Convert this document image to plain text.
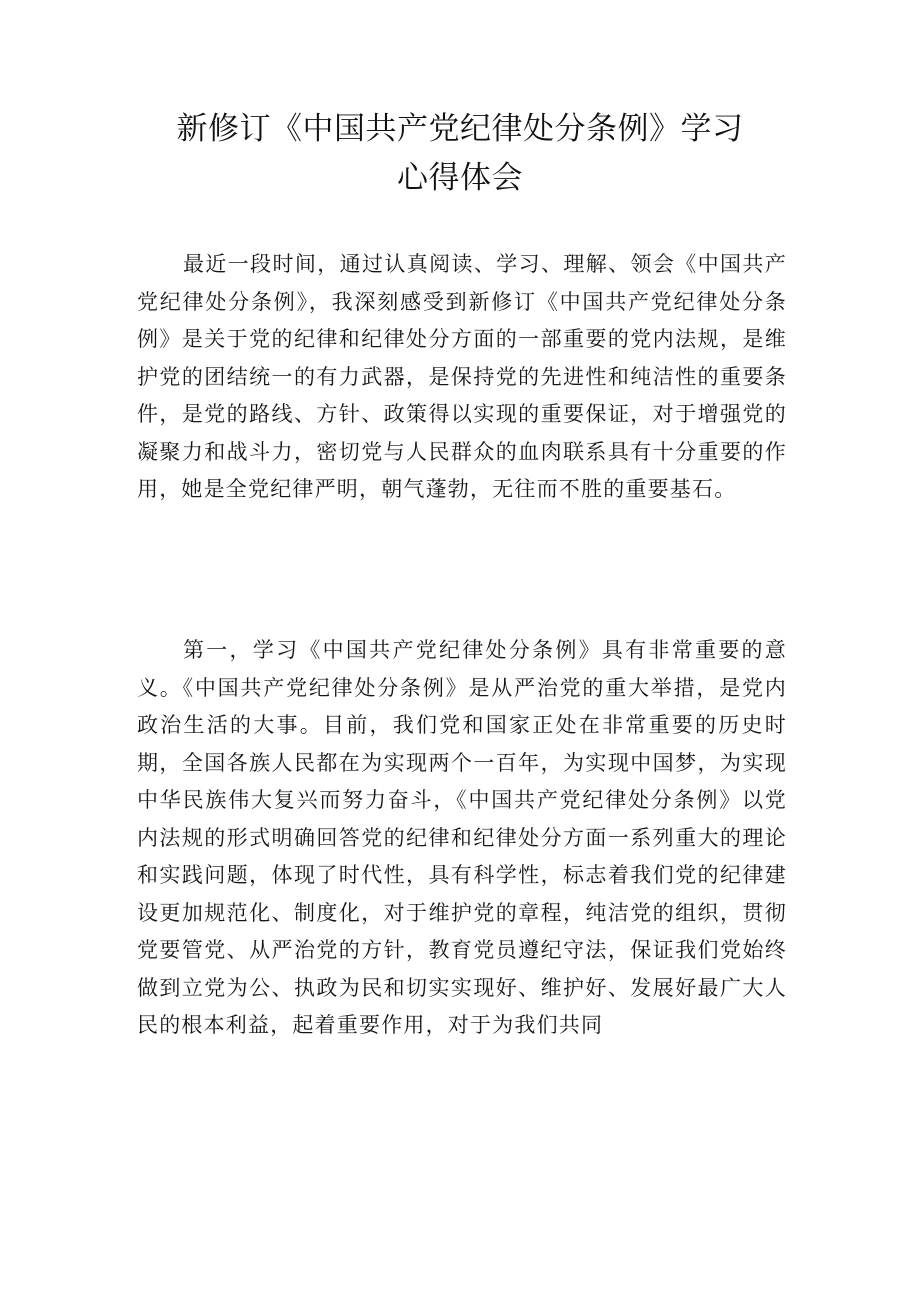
新修订《中国共产党纪律处分条例》学习
心得体会

最近一段时间，通过认真阅读、学习、理解、领会《中国共产党纪律处分条例》，我深刻感受到新修订《中国共产党纪律处分条例》是关于党的纪律和纪律处分方面的一部重要的党内法规，是维护党的团结统一的有力武器，是保持党的先进性和纯洁性的重要条件，是党的路线、方针、政策得以实现的重要保证，对于增强党的凝聚力和战斗力，密切党与人民群众的血肉联系具有十分重要的作用，她是全党纪律严明，朝气蓬勃，无往而不胜的重要基石。

第一，学习《中国共产党纪律处分条例》具有非常重要的意义。《中国共产党纪律处分条例》是从严治党的重大举措，是党内政治生活的大事。目前，我们党和国家正处在非常重要的历史时期，全国各族人民都在为实现两个一百年，为实现中国梦，为实现中华民族伟大复兴而努力奋斗，《中国共产党纪律处分条例》以党内法规的形式明确回答党的纪律和纪律处分方面一系列重大的理论和实践问题，体现了时代性，具有科学性，标志着我们党的纪律建设更加规范化、制度化，对于维护党的章程，纯洁党的组织，贯彻党要管党、从严治党的方针，教育党员遵纪守法，保证我们党始终做到立党为公、执政为民和切实实现好、维护好、发展好最广大人民的根本利益，起着重要作用，对于为我们共同
